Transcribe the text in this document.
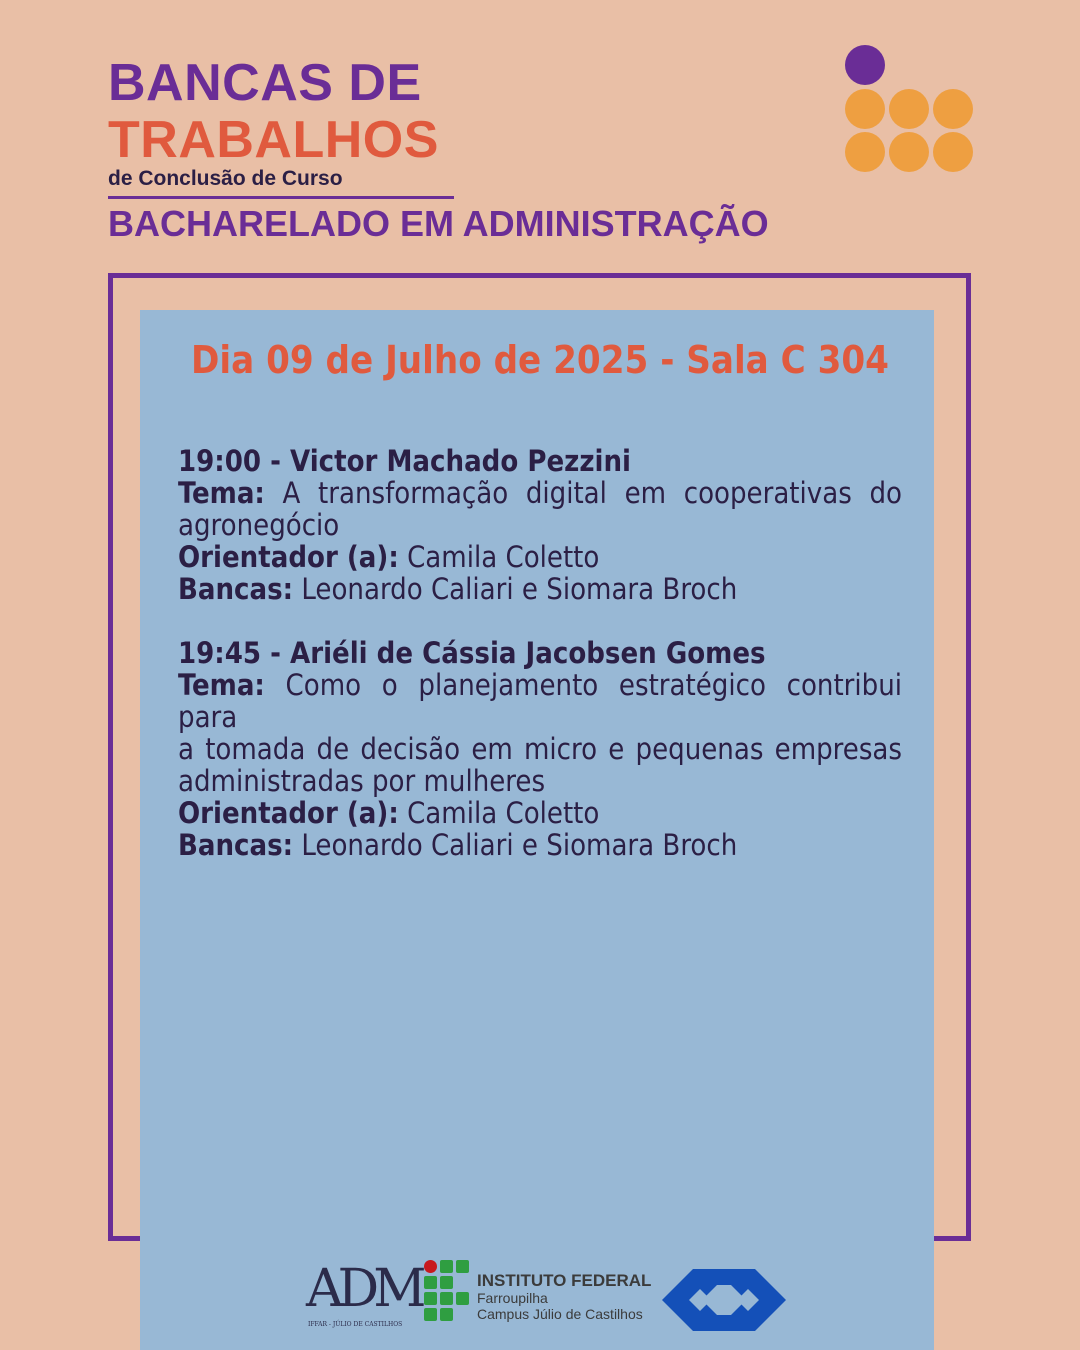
BANCAS DE
TRABALHOS
de Conclusão de Curso
BACHARELADO EM ADMINISTRAÇÃO
Dia 09 de Julho de 2025 - Sala C 304
19:00 - Victor Machado Pezzini
Tema: A transformação digital em cooperativas do
agronegócio
Orientador (a): Camila Coletto
Bancas: Leonardo Caliari e Siomara Broch
19:45 - Ariéli de Cássia Jacobsen Gomes
Tema: Como o planejamento estratégico contribui para
a tomada de decisão em micro e pequenas empresas
administradas por mulheres
Orientador (a): Camila Coletto
Bancas: Leonardo Caliari e Siomara Broch
ADM
IFFAR - JÚLIO DE CASTILHOS
INSTITUTO FEDERAL
Farroupilha
Campus Júlio de Castilhos
